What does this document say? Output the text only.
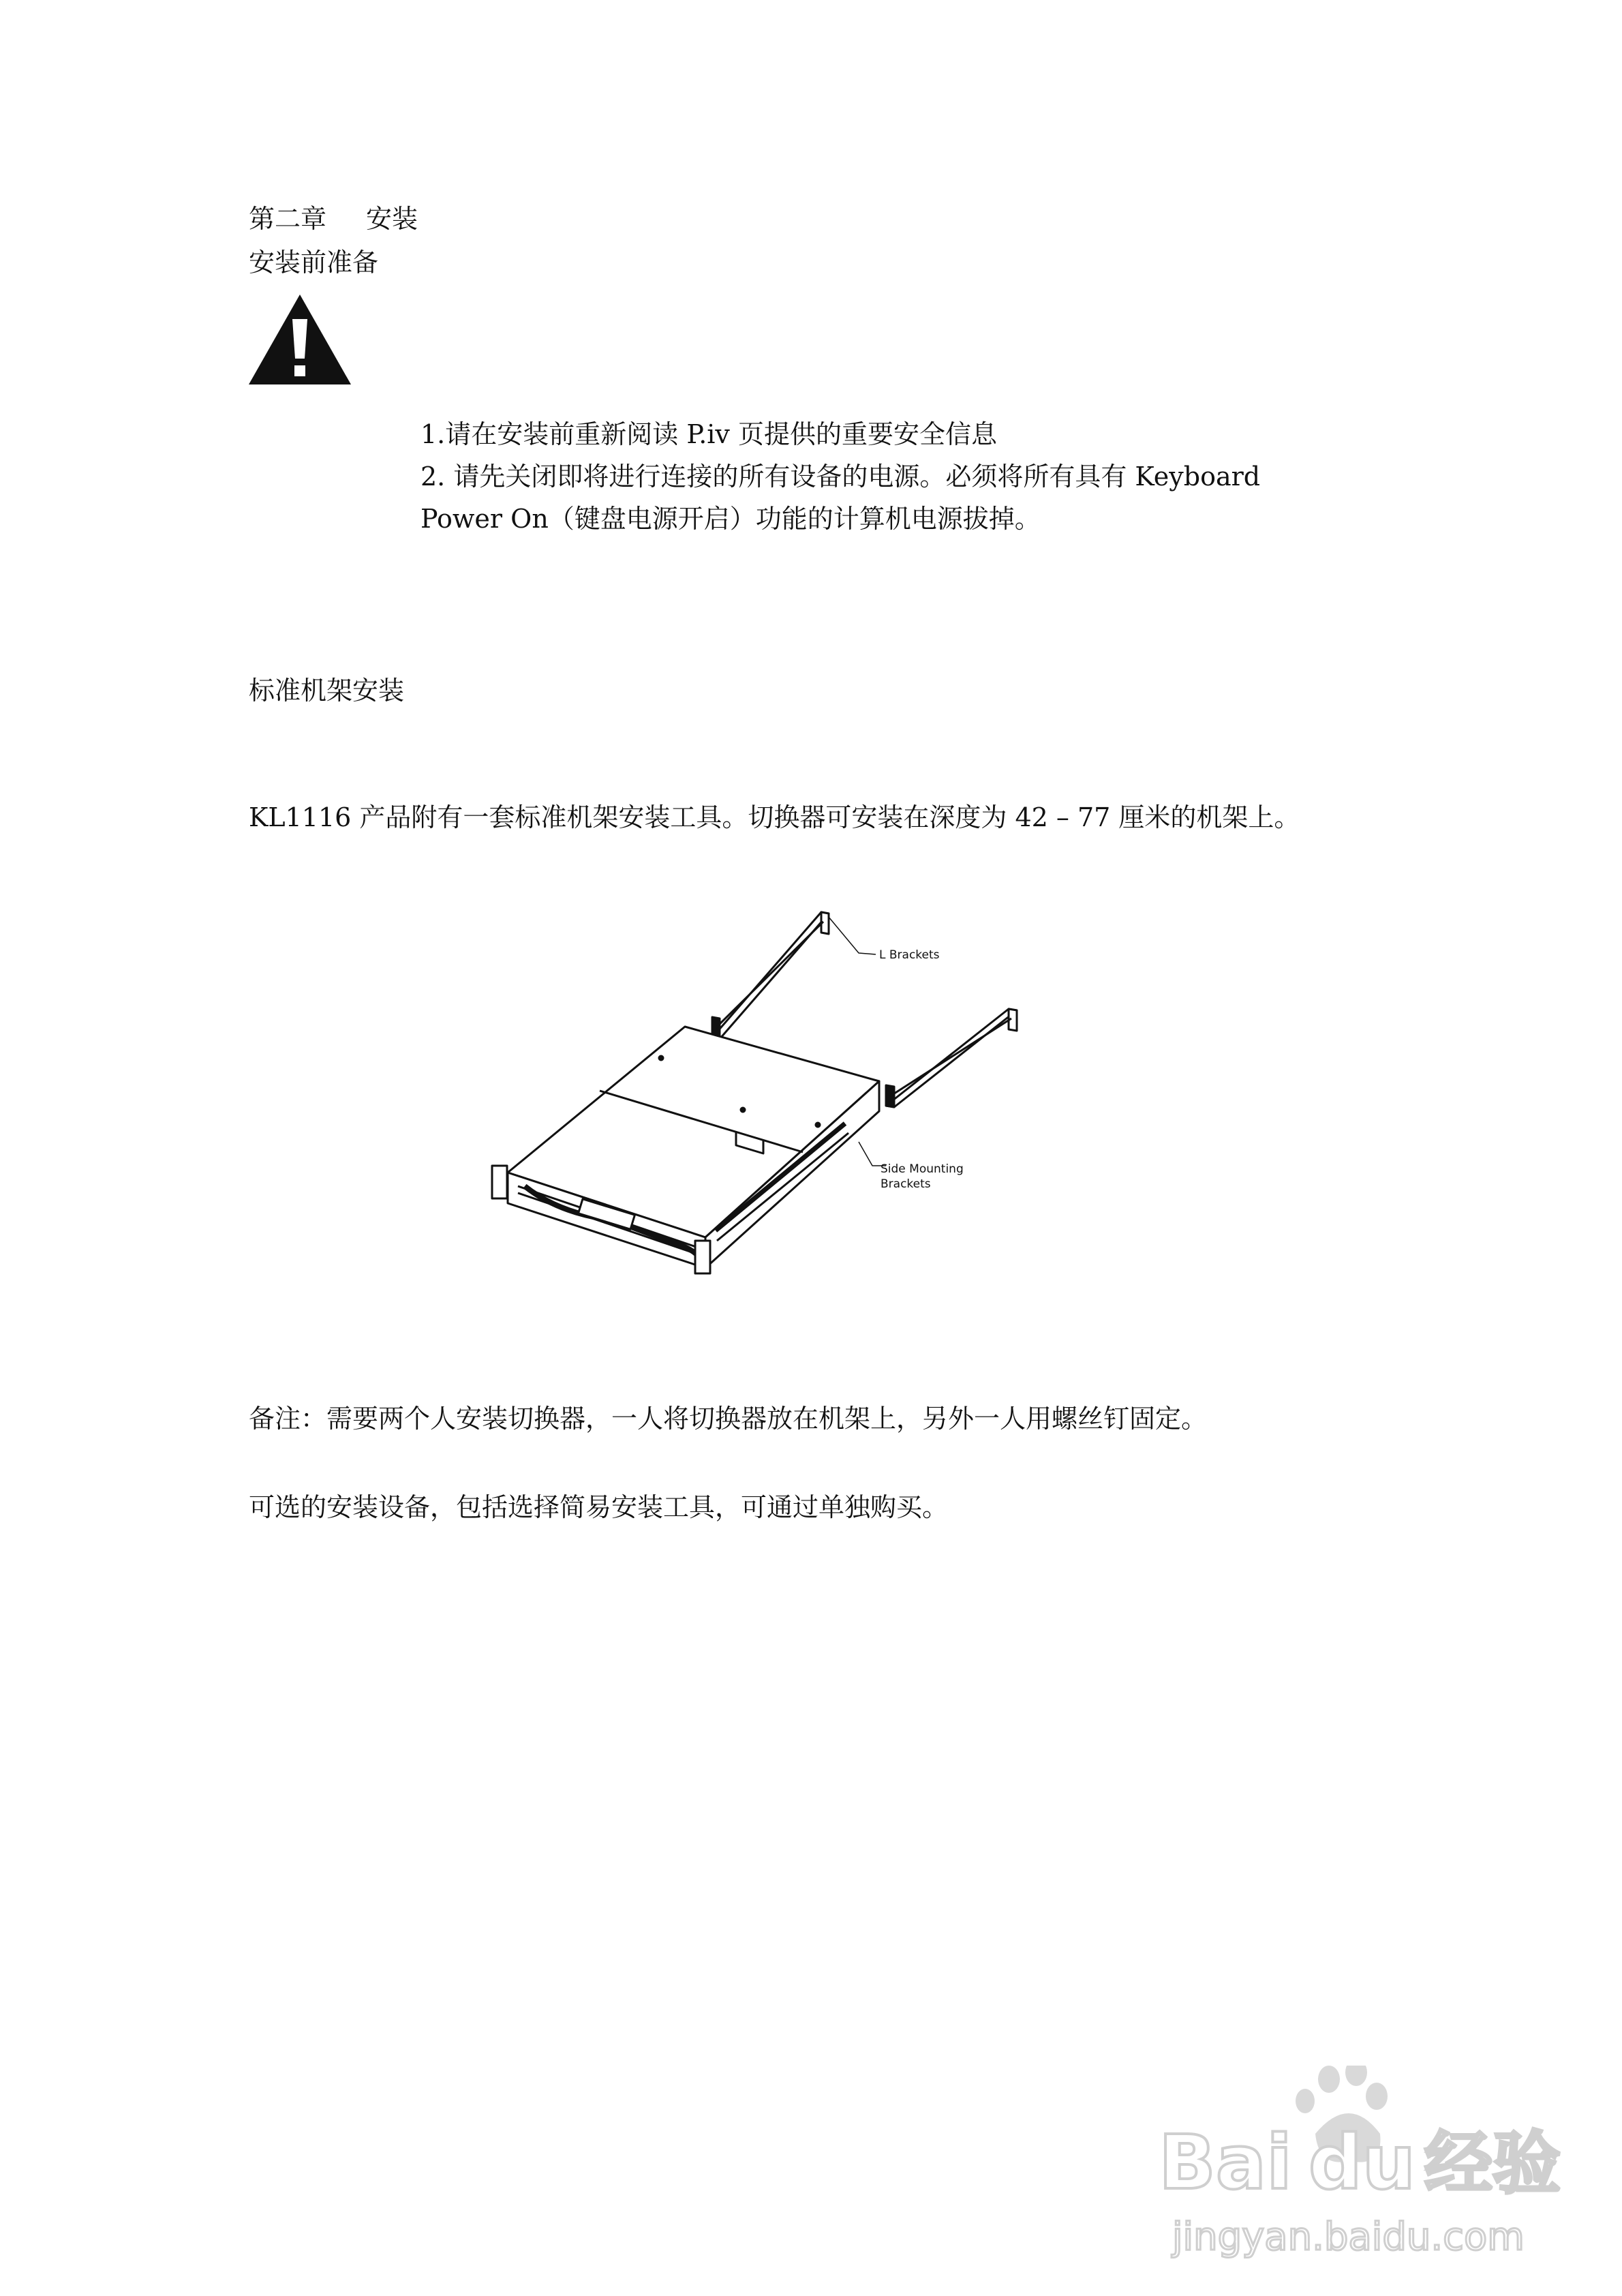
第二章 安装
安装前准备
1.请在安装前重新阅读 P.iv 页提供的重要安全信息
2. 请先关闭即将进行连接的所有设备的电源。必须将所有具有 Keyboard
Power On（键盘电源开启）功能的计算机电源拔掉。
标准机架安装
KL1116 产品附有一套标准机架安装工具。切换器可安装在深度为 42 – 77 厘米的机架上。
L Brackets
Side Mounting
Brackets
备注：需要两个人安装切换器，一人将切换器放在机架上，另外一人用螺丝钉固定。
可选的安装设备，包括选择简易安装工具，可通过单独购买。
Bai du 经验
jingyan.baidu.com
